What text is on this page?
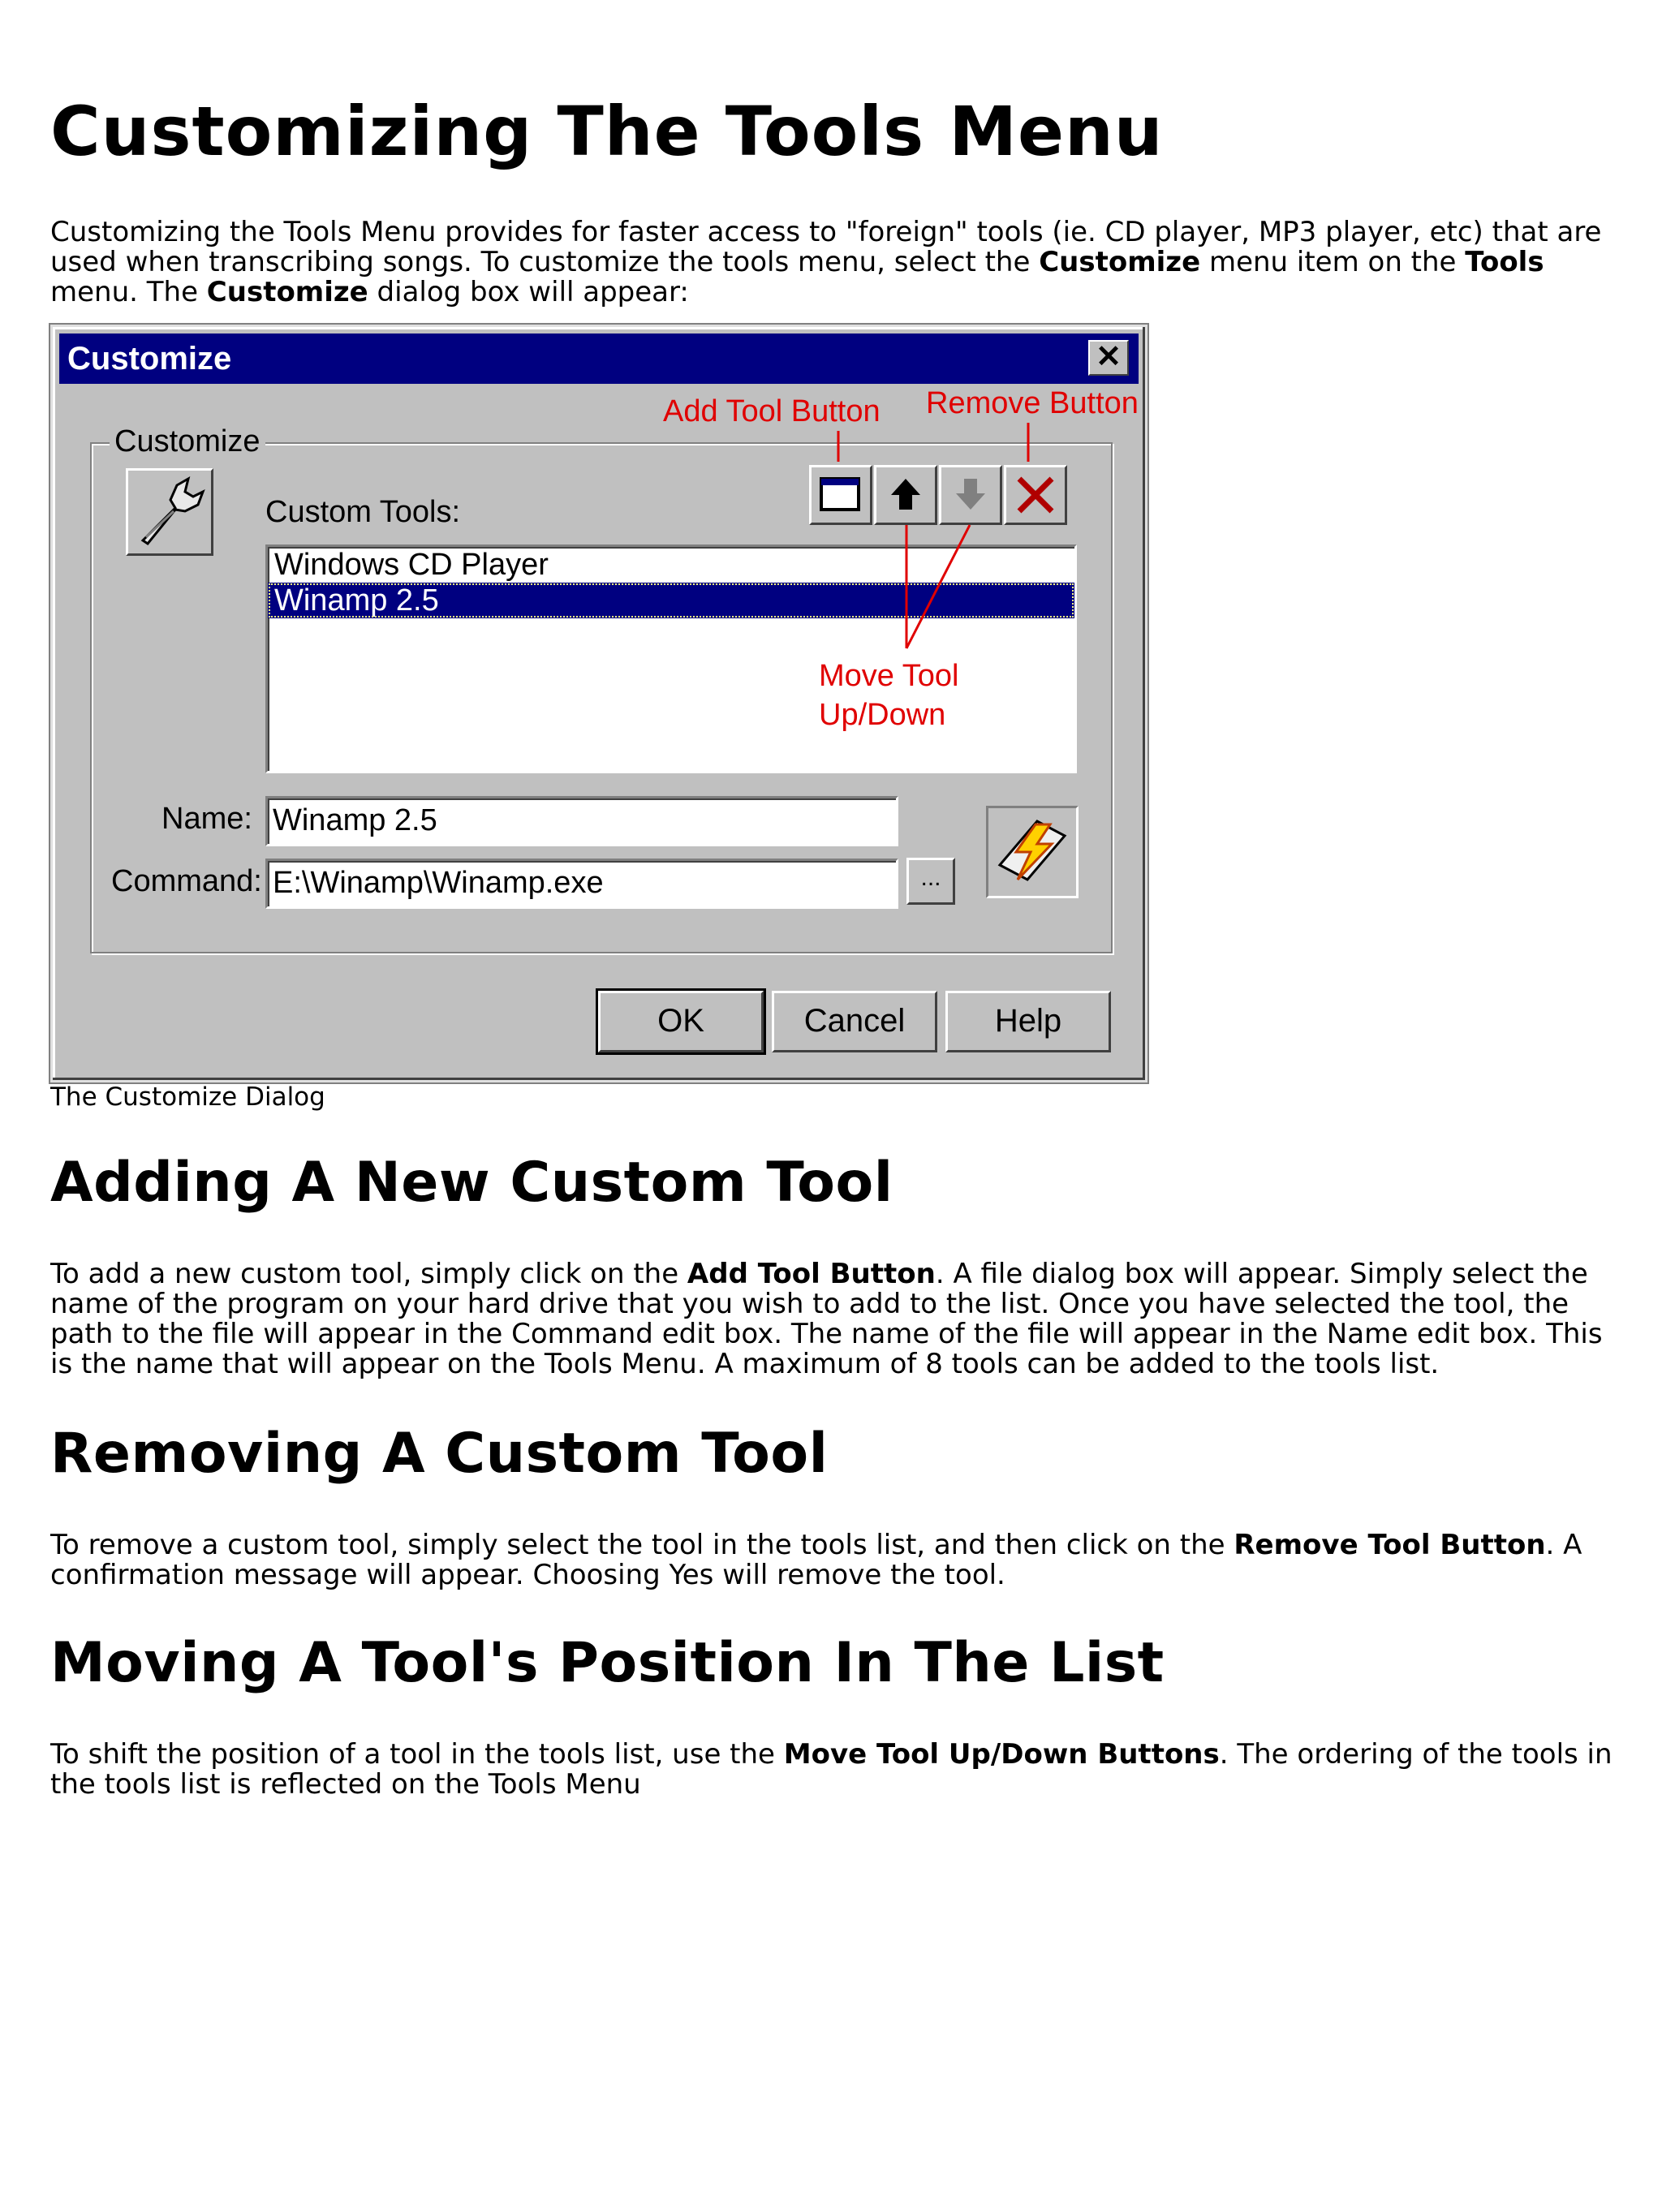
Customizing The Tools Menu

Customizing the Tools Menu provides for faster access to "foreign" tools (ie. CD player, MP3 player, etc) that are used when transcribing songs. To customize the tools menu, select the Customize menu item on the Tools menu. The Customize dialog box will appear:

Customize	✕
Customize
Custom Tools:
Windows CD Player
Winamp 2.5
Name: Winamp 2.5
Command: E:\Winamp\Winamp.exe	...
OK	Cancel	Help
Add Tool Button Remove Button
Move Tool
Up/Down
The Customize Dialog
Adding A New Custom Tool

To add a new custom tool, simply click on the Add Tool Button. A file dialog box will appear. Simply select the name of the program on your hard drive that you wish to add to the list. Once you have selected the tool, the path to the file will appear in the Command edit box. The name of the file will appear in the Name edit box. This is the name that will appear on the Tools Menu. A maximum of 8 tools can be added to the tools list.

Removing A Custom Tool

To remove a custom tool, simply select the tool in the tools list, and then click on the Remove Tool Button. A confirmation message will appear. Choosing Yes will remove the tool.

Moving A Tool's Position In The List

To shift the position of a tool in the tools list, use the Move Tool Up/Down Buttons. The ordering of the tools in the tools list is reflected on the Tools Menu
